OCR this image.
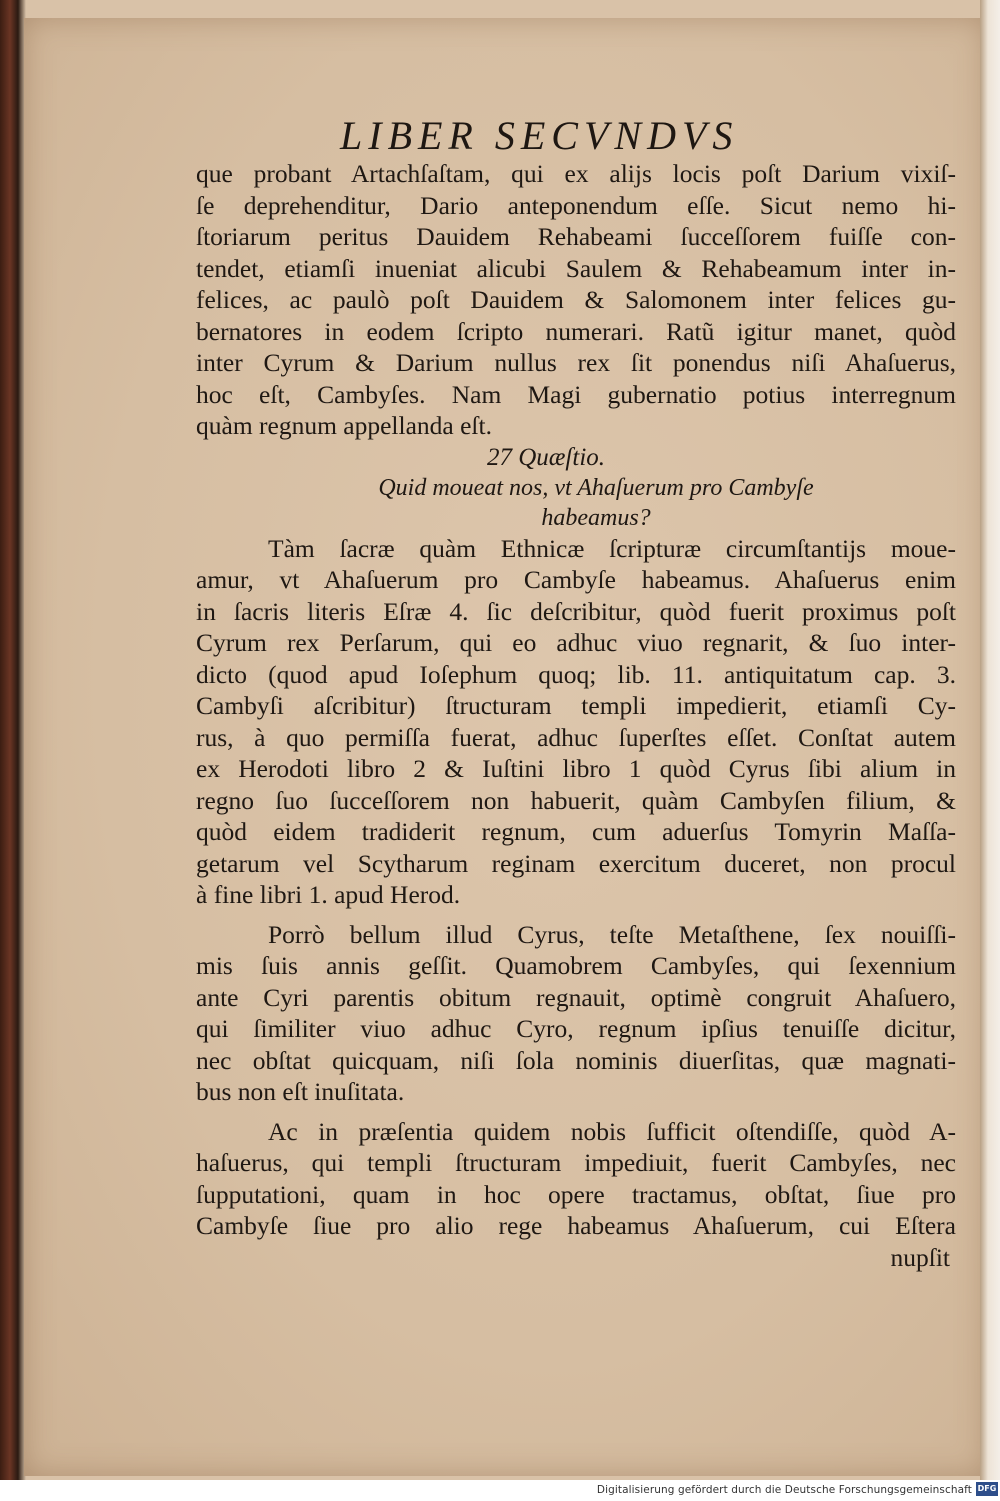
LIBER SECVNDVS
que probant Artachſaſtam, qui ex alijs locis poſt Darium vixiſ-
ſe deprehenditur, Dario anteponendum eſſe. Sicut nemo hi-
ſtoriarum peritus Dauidem Rehabeami ſucceſſorem fuiſſe con-
tendet, etiamſi inueniat alicubi Saulem & Rehabeamum inter in-
felices, ac paulò poſt Dauidem & Salomonem inter felices gu-
bernatores in eodem ſcripto numerari. Ratũ igitur manet, quòd
inter Cyrum & Darium nullus rex ſit ponendus niſi Ahaſuerus,
hoc eſt, Cambyſes. Nam Magi gubernatio potius interregnum
quàm regnum appellanda eſt.
27 Quæſtio.
Quid moueat nos, vt Ahaſuerum pro Cambyſe
habeamus?
Tàm ſacræ quàm Ethnicæ ſcripturæ circumſtantijs moue-
amur, vt Ahaſuerum pro Cambyſe habeamus. Ahaſuerus enim
in ſacris literis Eſræ 4. ſic deſcribitur, quòd fuerit proximus poſt
Cyrum rex Perſarum, qui eo adhuc viuo regnarit, & ſuo inter-
dicto (quod apud Ioſephum quoq; lib. 11. antiquitatum cap. 3.
Cambyſi aſcribitur) ſtructuram templi impedierit, etiamſi Cy-
rus, à quo permiſſa fuerat, adhuc ſuperſtes eſſet. Conſtat autem
ex Herodoti libro 2 & Iuſtini libro 1 quòd Cyrus ſibi alium in
regno ſuo ſucceſſorem non habuerit, quàm Cambyſen filium, &
quòd eidem tradiderit regnum, cum aduerſus Tomyrin Maſſa-
getarum vel Scytharum reginam exercitum duceret, non procul
à fine libri 1. apud Herod.
Porrò bellum illud Cyrus, teſte Metaſthene, ſex nouiſſi-
mis ſuis annis geſſit. Quamobrem Cambyſes, qui ſexennium
ante Cyri parentis obitum regnauit, optimè congruit Ahaſuero,
qui ſimiliter viuo adhuc Cyro, regnum ipſius tenuiſſe dicitur,
nec obſtat quicquam, niſi ſola nominis diuerſitas, quæ magnati-
bus non eſt inuſitata.
Ac in præſentia quidem nobis ſufficit oſtendiſſe, quòd A-
haſuerus, qui templi ſtructuram impediuit, fuerit Cambyſes, nec
ſupputationi, quam in hoc opere tractamus, obſtat, ſiue pro
Cambyſe ſiue pro alio rege habeamus Ahaſuerum, cui Eſtera
nupſit
Digitalisierung gefördert durch die Deutsche Forschungsgemeinschaft DFG
